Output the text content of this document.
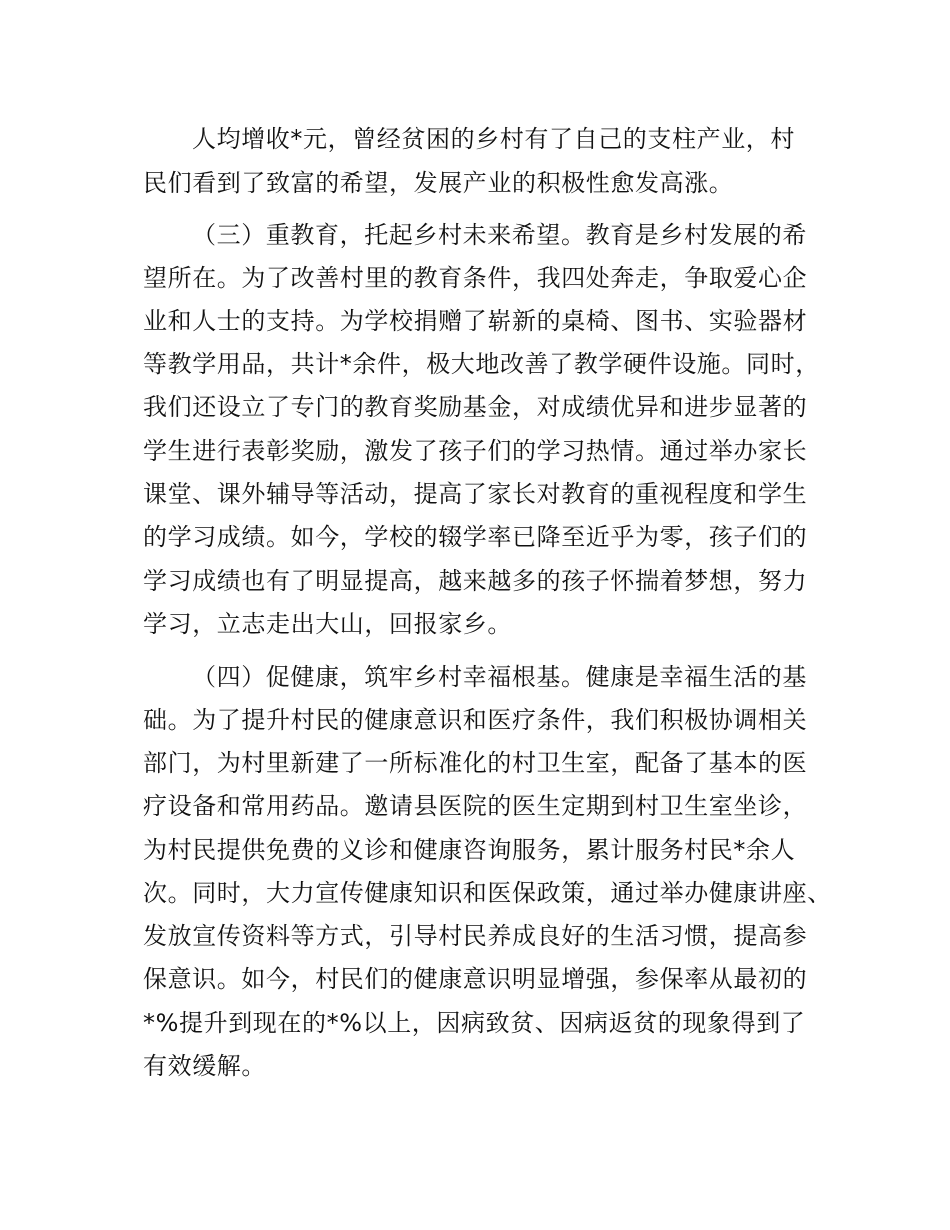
人均增收*元，曾经贫困的乡村有了自己的支柱产业，村
民们看到了致富的希望，发展产业的积极性愈发高涨。
（三）重教育，托起乡村未来希望。教育是乡村发展的希
望所在。为了改善村里的教育条件，我四处奔走，争取爱心企
业和人士的支持。为学校捐赠了崭新的桌椅、图书、实验器材
等教学用品，共计*余件，极大地改善了教学硬件设施。同时，
我们还设立了专门的教育奖励基金，对成绩优异和进步显著的
学生进行表彰奖励，激发了孩子们的学习热情。通过举办家长
课堂、课外辅导等活动，提高了家长对教育的重视程度和学生
的学习成绩。如今，学校的辍学率已降至近乎为零，孩子们的
学习成绩也有了明显提高，越来越多的孩子怀揣着梦想，努力
学习，立志走出大山，回报家乡。
（四）促健康，筑牢乡村幸福根基。健康是幸福生活的基
础。为了提升村民的健康意识和医疗条件，我们积极协调相关
部门，为村里新建了一所标准化的村卫生室，配备了基本的医
疗设备和常用药品。邀请县医院的医生定期到村卫生室坐诊，
为村民提供免费的义诊和健康咨询服务，累计服务村民*余人
次。同时，大力宣传健康知识和医保政策，通过举办健康讲座、
发放宣传资料等方式，引导村民养成良好的生活习惯，提高参
保意识。如今，村民们的健康意识明显增强，参保率从最初的
*%提升到现在的*%以上，因病致贫、因病返贫的现象得到了
有效缓解。
